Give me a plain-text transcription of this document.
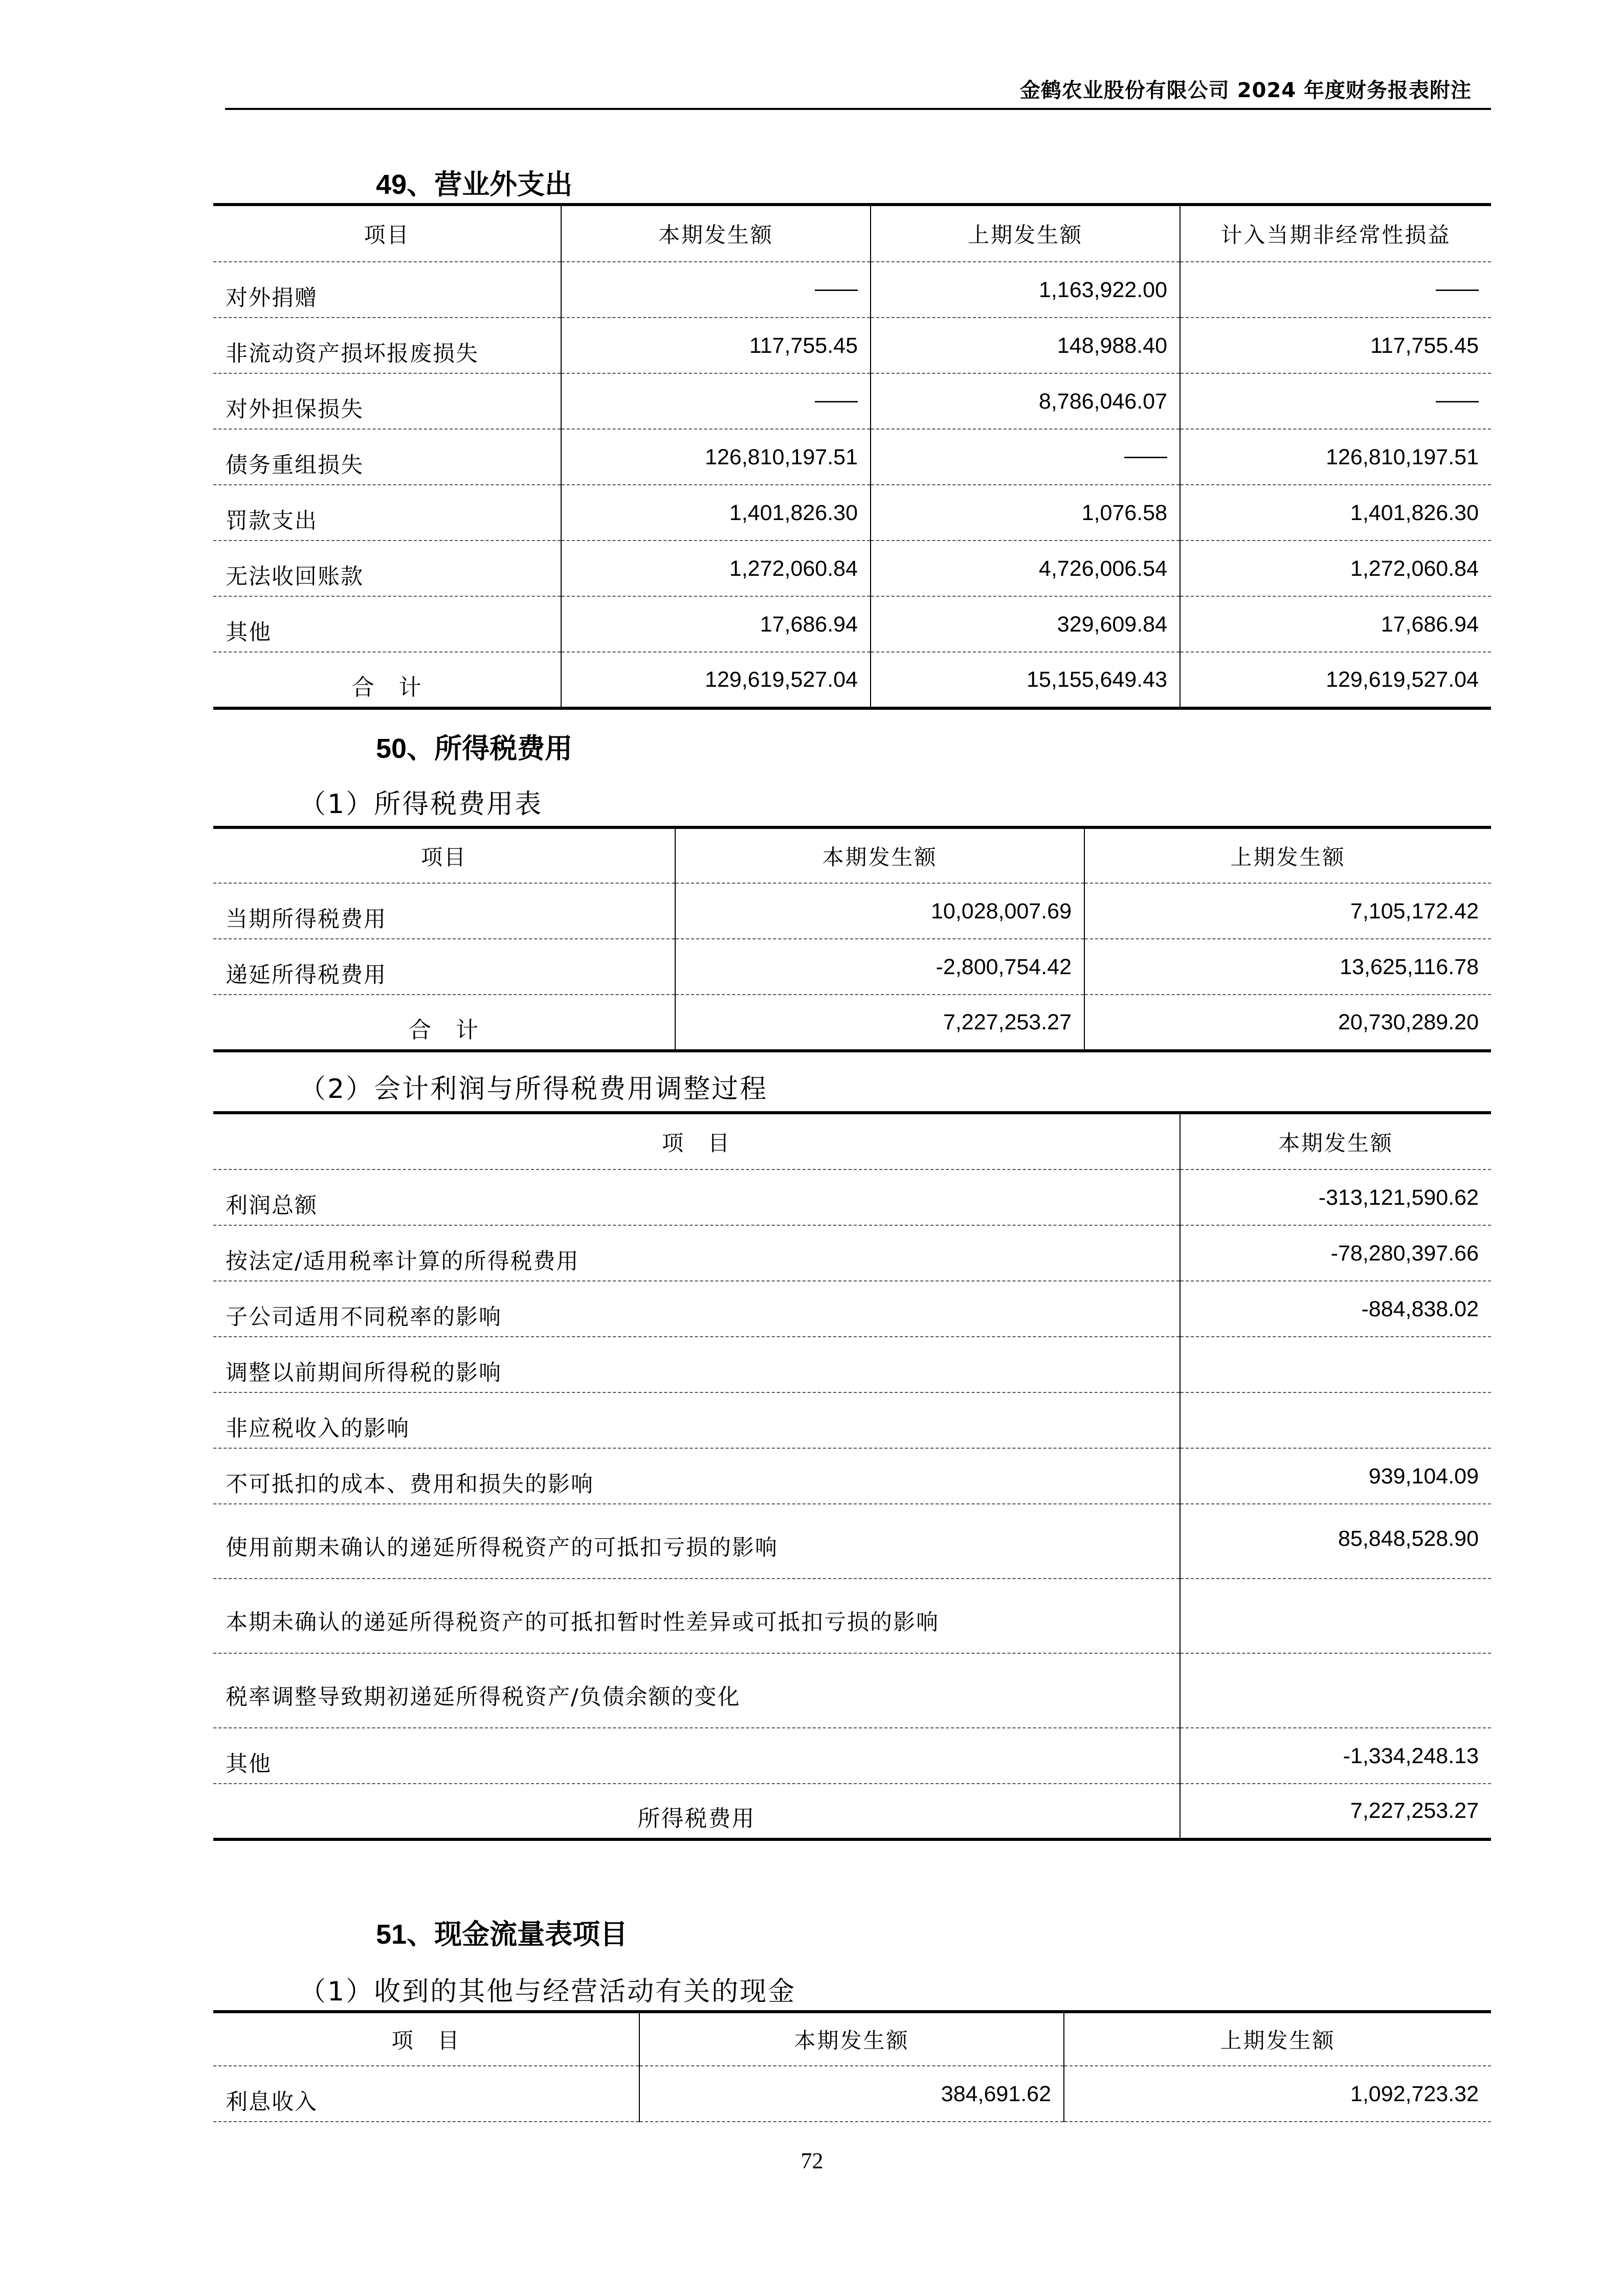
金鹤农业股份有限公司 2024 年度财务报表附注
49、营业外支出
项目	本期发生额	上期发生额	计入当期非经常性损益
对外捐赠	——	1,163,922.00	——
非流动资产损坏报废损失	117,755.45	148,988.40	117,755.45
对外担保损失	——	8,786,046.07	——
债务重组损失	126,810,197.51	——	126,810,197.51
罚款支出	1,401,826.30	1,076.58	1,401,826.30
无法收回账款	1,272,060.84	4,726,006.54	1,272,060.84
其他	17,686.94	329,609.84	17,686.94
合　计	129,619,527.04	15,155,649.43	129,619,527.04
50、所得税费用
（1）所得税费用表
项目	本期发生额	上期发生额
当期所得税费用	10,028,007.69	7,105,172.42
递延所得税费用	-2,800,754.42	13,625,116.78
合　计	7,227,253.27	20,730,289.20
（2）会计利润与所得税费用调整过程
项　目	本期发生额
利润总额	-313,121,590.62
按法定/适用税率计算的所得税费用	-78,280,397.66
子公司适用不同税率的影响	-884,838.02
调整以前期间所得税的影响	
非应税收入的影响	
不可抵扣的成本、费用和损失的影响	939,104.09
使用前期未确认的递延所得税资产的可抵扣亏损的影响	85,848,528.90
本期未确认的递延所得税资产的可抵扣暂时性差异或可抵扣亏损的影响	
税率调整导致期初递延所得税资产/负债余额的变化	
其他	-1,334,248.13
所得税费用	7,227,253.27
51、现金流量表项目
（1）收到的其他与经营活动有关的现金
项　目	本期发生额	上期发生额
利息收入	384,691.62	1,092,723.32
72
